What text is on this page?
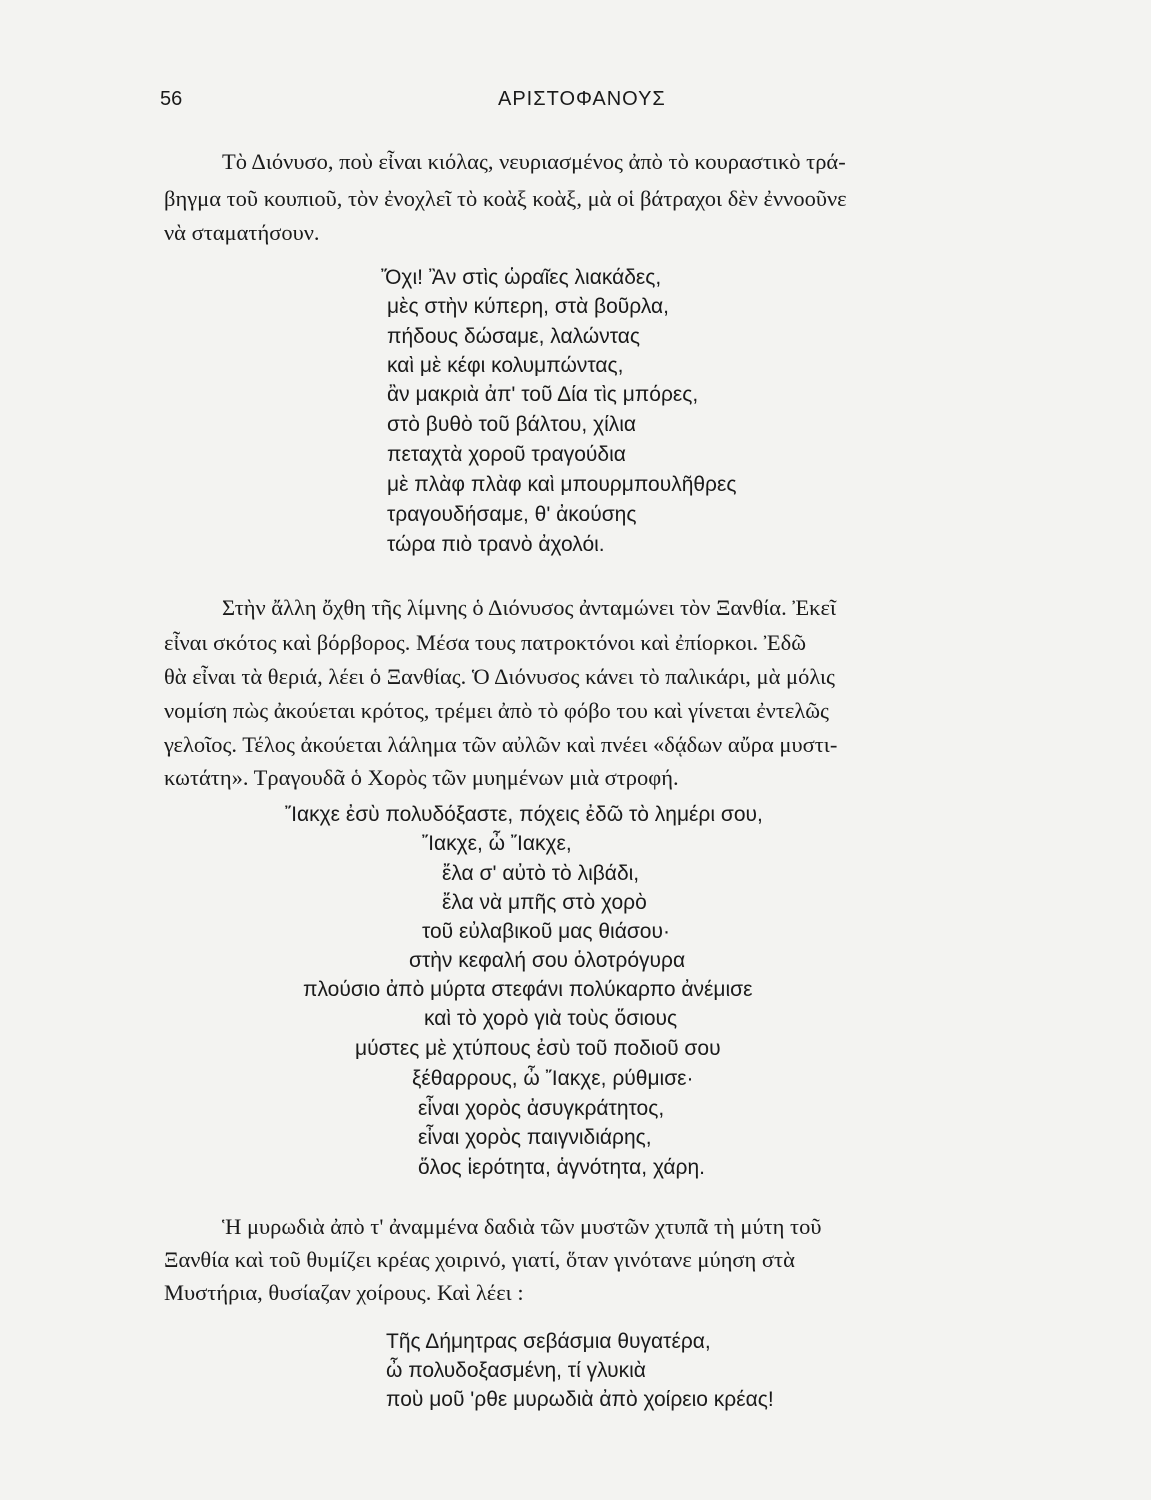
56	ΑΡΙΣΤΟΦΑΝΟΥΣ
Τὸ Διόνυσο, ποὺ εἶναι κιόλας, νευριασμένος ἀπὸ τὸ κουραστικὸ τρά-
βηγμα τοῦ κουπιοῦ, τὸν ἐνοχλεῖ τὸ κοὰξ κοὰξ, μὰ οἱ βάτραχοι δὲν ἐννοοῦνε
νὰ σταματήσουν.
Ὄχι! Ἂν στὶς ὡραῖες λιακάδες,
μὲς στὴν κύπερη, στὰ βοῦρλα,
πήδους δώσαμε, λαλώντας
καὶ μὲ κέφι κολυμπώντας,
ἂν μακριὰ ἀπ' τοῦ Δία τὶς μπόρες,
στὸ βυθὸ τοῦ βάλτου, χίλια
πεταχτὰ χοροῦ τραγούδια
μὲ πλὰφ πλὰφ καὶ μπουρμπουλῆθρες
τραγουδήσαμε, θ' ἀκούσης
τώρα πιὸ τρανὸ ἀχολόι.
Στὴν ἄλλη ὄχθη τῆς λίμνης ὁ Διόνυσος ἀνταμώνει τὸν Ξανθία. Ἐκεῖ
εἶναι σκότος καὶ βόρβορος. Μέσα τους πατροκτόνοι καὶ ἐπίορκοι. Ἐδῶ
θὰ εἶναι τὰ θεριά, λέει ὁ Ξανθίας. Ὁ Διόνυσος κάνει τὸ παλικάρι, μὰ μόλις
νομίση πὼς ἀκούεται κρότος, τρέμει ἀπὸ τὸ φόβο του καὶ γίνεται ἐντελῶς
γελοῖος. Τέλος ἀκούεται λάλημα τῶν αὐλῶν καὶ πνέει «δᾴδων αὔρα μυστι-
κωτάτη». Τραγουδᾶ ὁ Χορὸς τῶν μυημένων μιὰ στροφή.
Ἴακχε ἐσὺ πολυδόξαστε, πόχεις ἐδῶ τὸ λημέρι σου,
Ἴακχε, ὦ Ἴακχε,
ἔλα σ' αὐτὸ τὸ λιβάδι,
ἔλα νὰ μπῆς στὸ χορὸ
τοῦ εὐλαβικοῦ μας θιάσου·
στὴν κεφαλή σου ὁλοτρόγυρα
πλούσιο ἀπὸ μύρτα στεφάνι πολύκαρπο ἀνέμισε
καὶ τὸ χορὸ γιὰ τοὺς ὅσιους
μύστες μὲ χτύπους ἐσὺ τοῦ ποδιοῦ σου
ξέθαρρους, ὦ Ἴακχε, ρύθμισε·
εἶναι χορὸς ἀσυγκράτητος,
εἶναι χορὸς παιγνιδιάρης,
ὅλος ἱερότητα, ἁγνότητα, χάρη.
Ἡ μυρωδιὰ ἀπὸ τ' ἀναμμένα δαδιὰ τῶν μυστῶν χτυπᾶ τὴ μύτη τοῦ
Ξανθία καὶ τοῦ θυμίζει κρέας χοιρινό, γιατί, ὅταν γινότανε μύηση στὰ
Μυστήρια, θυσίαζαν χοίρους. Καὶ λέει :
Τῆς Δήμητρας σεβάσμια θυγατέρα,
ὦ πολυδοξασμένη, τί γλυκιὰ
ποὺ μοῦ 'ρθε μυρωδιὰ ἀπὸ χοίρειο κρέας!
